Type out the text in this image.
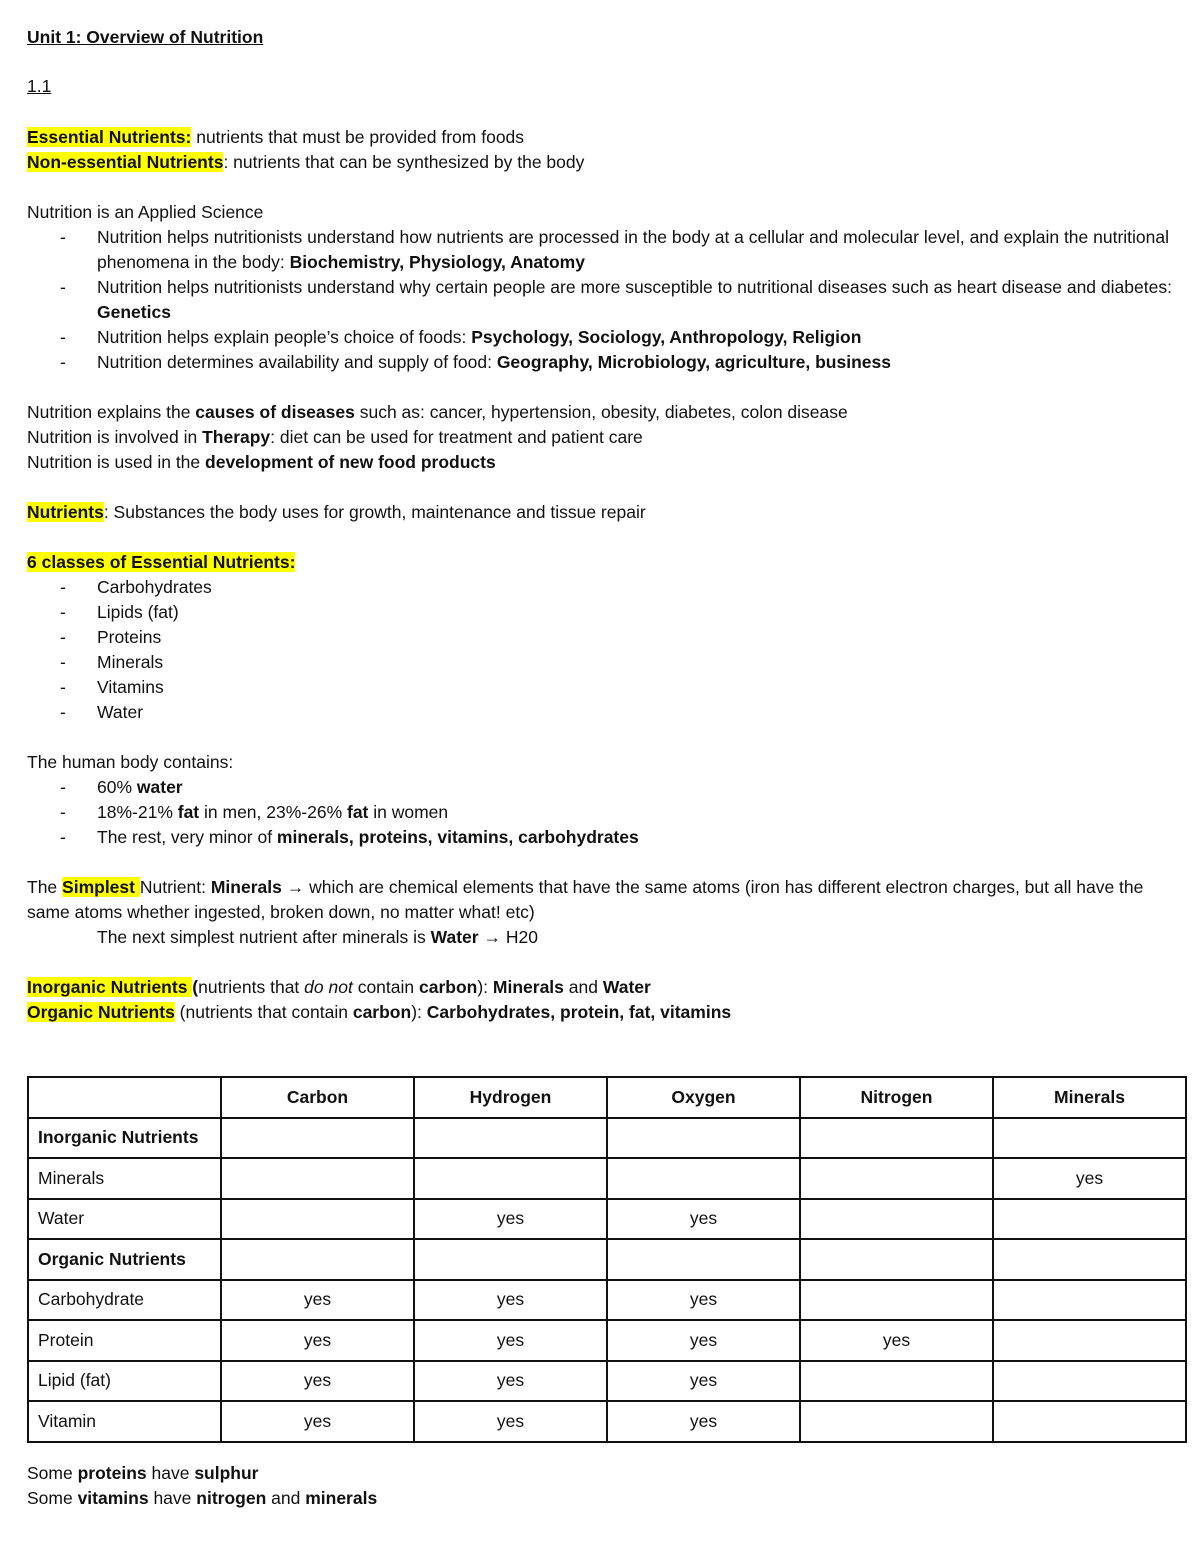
Unit 1: Overview of Nutrition
1.1
Essential Nutrients: nutrients that must be provided from foods
Non-essential Nutrients: nutrients that can be synthesized by the body
Nutrition is an Applied Science
- Nutrition helps nutritionists understand how nutrients are processed in the body at a cellular and molecular level, and explain the nutritional phenomena in the body: Biochemistry, Physiology, Anatomy
- Nutrition helps nutritionists understand why certain people are more susceptible to nutritional diseases such as heart disease and diabetes: Genetics
- Nutrition helps explain people’s choice of foods: Psychology, Sociology, Anthropology, Religion
- Nutrition determines availability and supply of food: Geography, Microbiology, agriculture, business
Nutrition explains the causes of diseases such as: cancer, hypertension, obesity, diabetes, colon disease
Nutrition is involved in Therapy: diet can be used for treatment and patient care
Nutrition is used in the development of new food products
Nutrients: Substances the body uses for growth, maintenance and tissue repair
6 classes of Essential Nutrients:
- Carbohydrates
- Lipids (fat)
- Proteins
- Minerals
- Vitamins
- Water
The human body contains:
- 60% water
- 18%-21% fat in men, 23%-26% fat in women
- The rest, very minor of minerals, proteins, vitamins, carbohydrates
The Simplest Nutrient: Minerals → which are chemical elements that have the same atoms (iron has different electron charges, but all have the same atoms whether ingested, broken down, no matter what! etc)
The next simplest nutrient after minerals is Water → H20
Inorganic Nutrients (nutrients that do not contain carbon): Minerals and Water
Organic Nutrients (nutrients that contain carbon): Carbohydrates, protein, fat, vitamins
	Carbon	Hydrogen	Oxygen	Nitrogen	Minerals
Inorganic Nutrients					
Minerals					yes
Water		yes	yes		
Organic Nutrients					
Carbohydrate	yes	yes	yes		
Protein	yes	yes	yes	yes	
Lipid (fat)	yes	yes	yes		
Vitamin	yes	yes	yes		
Some proteins have sulphur
Some vitamins have nitrogen and minerals
